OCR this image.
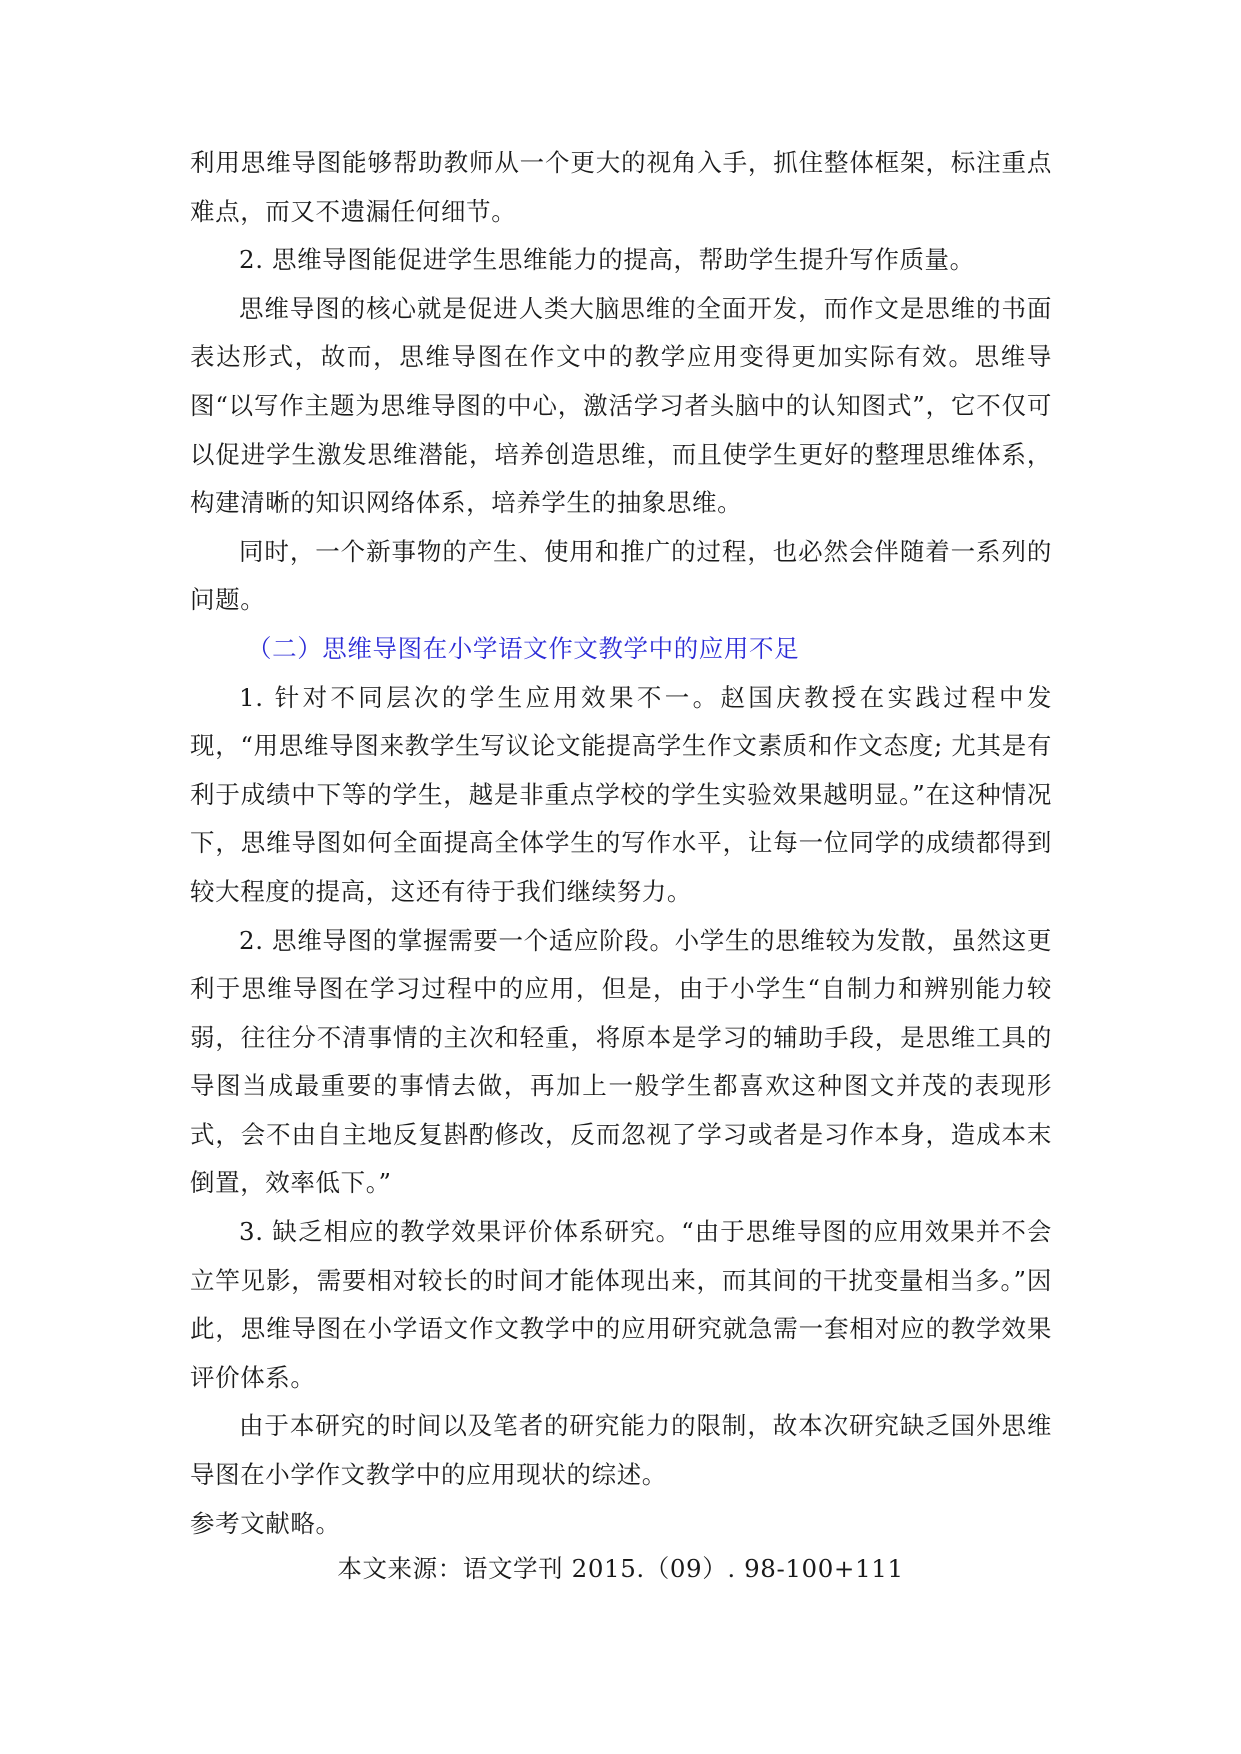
利用思维导图能够帮助教师从一个更大的视角入手，抓住整体框架，标注重点难点，而又不遗漏任何细节。

2. 思维导图能促进学生思维能力的提高，帮助学生提升写作质量。

思维导图的核心就是促进人类大脑思维的全面开发，而作文是思维的书面表达形式，故而，思维导图在作文中的教学应用变得更加实际有效。思维导图“以写作主题为思维导图的中心，激活学习者头脑中的认知图式”，它不仅可以促进学生激发思维潜能，培养创造思维，而且使学生更好的整理思维体系，构建清晰的知识网络体系，培养学生的抽象思维。

同时，一个新事物的产生、使用和推广的过程，也必然会伴随着一系列的问题。

（二）思维导图在小学语文作文教学中的应用不足

1. 针对不同层次的学生应用效果不一。赵国庆教授在实践过程中发现，“用思维导图来教学生写议论文能提高学生作文素质和作文态度; 尤其是有利于成绩中下等的学生，越是非重点学校的学生实验效果越明显。”在这种情况下，思维导图如何全面提高全体学生的写作水平，让每一位同学的成绩都得到较大程度的提高，这还有待于我们继续努力。

2. 思维导图的掌握需要一个适应阶段。小学生的思维较为发散，虽然这更利于思维导图在学习过程中的应用，但是，由于小学生“自制力和辨别能力较弱，往往分不清事情的主次和轻重，将原本是学习的辅助手段，是思维工具的导图当成最重要的事情去做，再加上一般学生都喜欢这种图文并茂的表现形式，会不由自主地反复斟酌修改，反而忽视了学习或者是习作本身，造成本末倒置，效率低下。”

3. 缺乏相应的教学效果评价体系研究。“由于思维导图的应用效果并不会立竿见影，需要相对较长的时间才能体现出来，而其间的干扰变量相当多。”因此，思维导图在小学语文作文教学中的应用研究就急需一套相对应的教学效果评价体系。

由于本研究的时间以及笔者的研究能力的限制，故本次研究缺乏国外思维导图在小学作文教学中的应用现状的综述。

参考文献略。

本文来源：语文学刊 2015.（09）. 98-100+111
